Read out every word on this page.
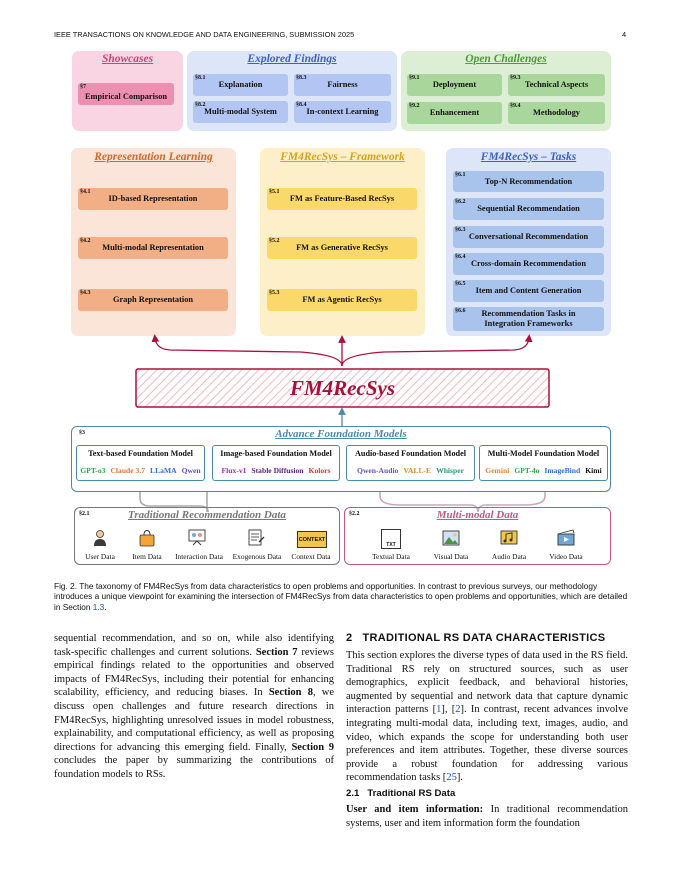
IEEE TRANSACTIONS ON KNOWLEDGE AND DATA ENGINEERING, SUBMISSION 2025	4
Showcases
§7
Empirical Comparison
Explored Findings
§8.1
Explanation
§8.3
Fairness
§8.2
Multi-modal System
§8.4
In-context Learning
Open Challenges
§9.1
Deployment
§9.3
Technical Aspects
§9.2
Enhancement
§9.4
Methodology
Representation Learning
§4.1
ID-based Representation
§4.2
Multi-modal Representation
§4.3
Graph Representation
FM4RecSys – Framework
§5.1
FM as Feature-Based RecSys
§5.2
FM as Generative RecSys
§5.3
FM as Agentic RecSys
FM4RecSys – Tasks
§6.1
Top-N Recommendation
§6.2
Sequential Recommendation
§6.3
Conversational Recommendation
§6.4
Cross-domain Recommendation
§6.5
Item and Content Generation
§6.6	Recommendation Tasks in Integration Frameworks
FM4RecSys
§3	Advance Foundation Models
Text-based Foundation Model
GPT-o3 Claude 3.7 LLaMA Qwen
Image-based Foundation Model
Flux-v1 Stable Diffusion Kolors
Audio-based Foundation Model
Qwen-Audio VALL-E Whisper
Multi-Model Foundation Model
Gemini GPT-4o ImageBind Kimi
§2.1	Traditional Recommendation Data
CONTEXT
User Data	Item Data	Interaction Data	Exogenous Data	Context Data
§2.2	Multi-modal Data
TXT
Textual Data	Visual Data	Audio Data	Video Data
Fig. 2. The taxonomy of FM4RecSys from data characteristics to open problems and opportunities. In contrast to previous surveys, our methodology introduces a unique viewpoint for examining the intersection of FM4RecSys from data characteristics to open problems and opportunities, which are detailed in Section 1.3.

sequential recommendation, and so on, while also identifying task-specific challenges and current solutions. Section 7 reviews empirical findings related to the opportunities and observed impacts of FM4RecSys, including their potential for enhancing scalability, efficiency, and reducing biases. In Section 8, we discuss open challenges and future research directions in FM4RecSys, highlighting unresolved issues in model robustness, explainability, and computational efficiency, as well as proposing directions for advancing this emerging field. Finally, Section 9 concludes the paper by summarizing the contributions of foundation models to RSs.

2 TRADITIONAL RS DATA CHARACTERISTICS

This section explores the diverse types of data used in the RS field. Traditional RS rely on structured sources, such as user demographics, explicit feedback, and behavioral histories, augmented by sequential and network data that capture dynamic interaction patterns [1], [2]. In contrast, recent advances involve integrating multi-modal data, including text, images, audio, and video, which expands the scope for understanding both user preferences and item attributes. Together, these diverse sources provide a robust foundation for addressing various recommendation tasks [25].

2.1 Traditional RS Data

User and item information: In traditional recommendation systems, user and item information form the foundation
